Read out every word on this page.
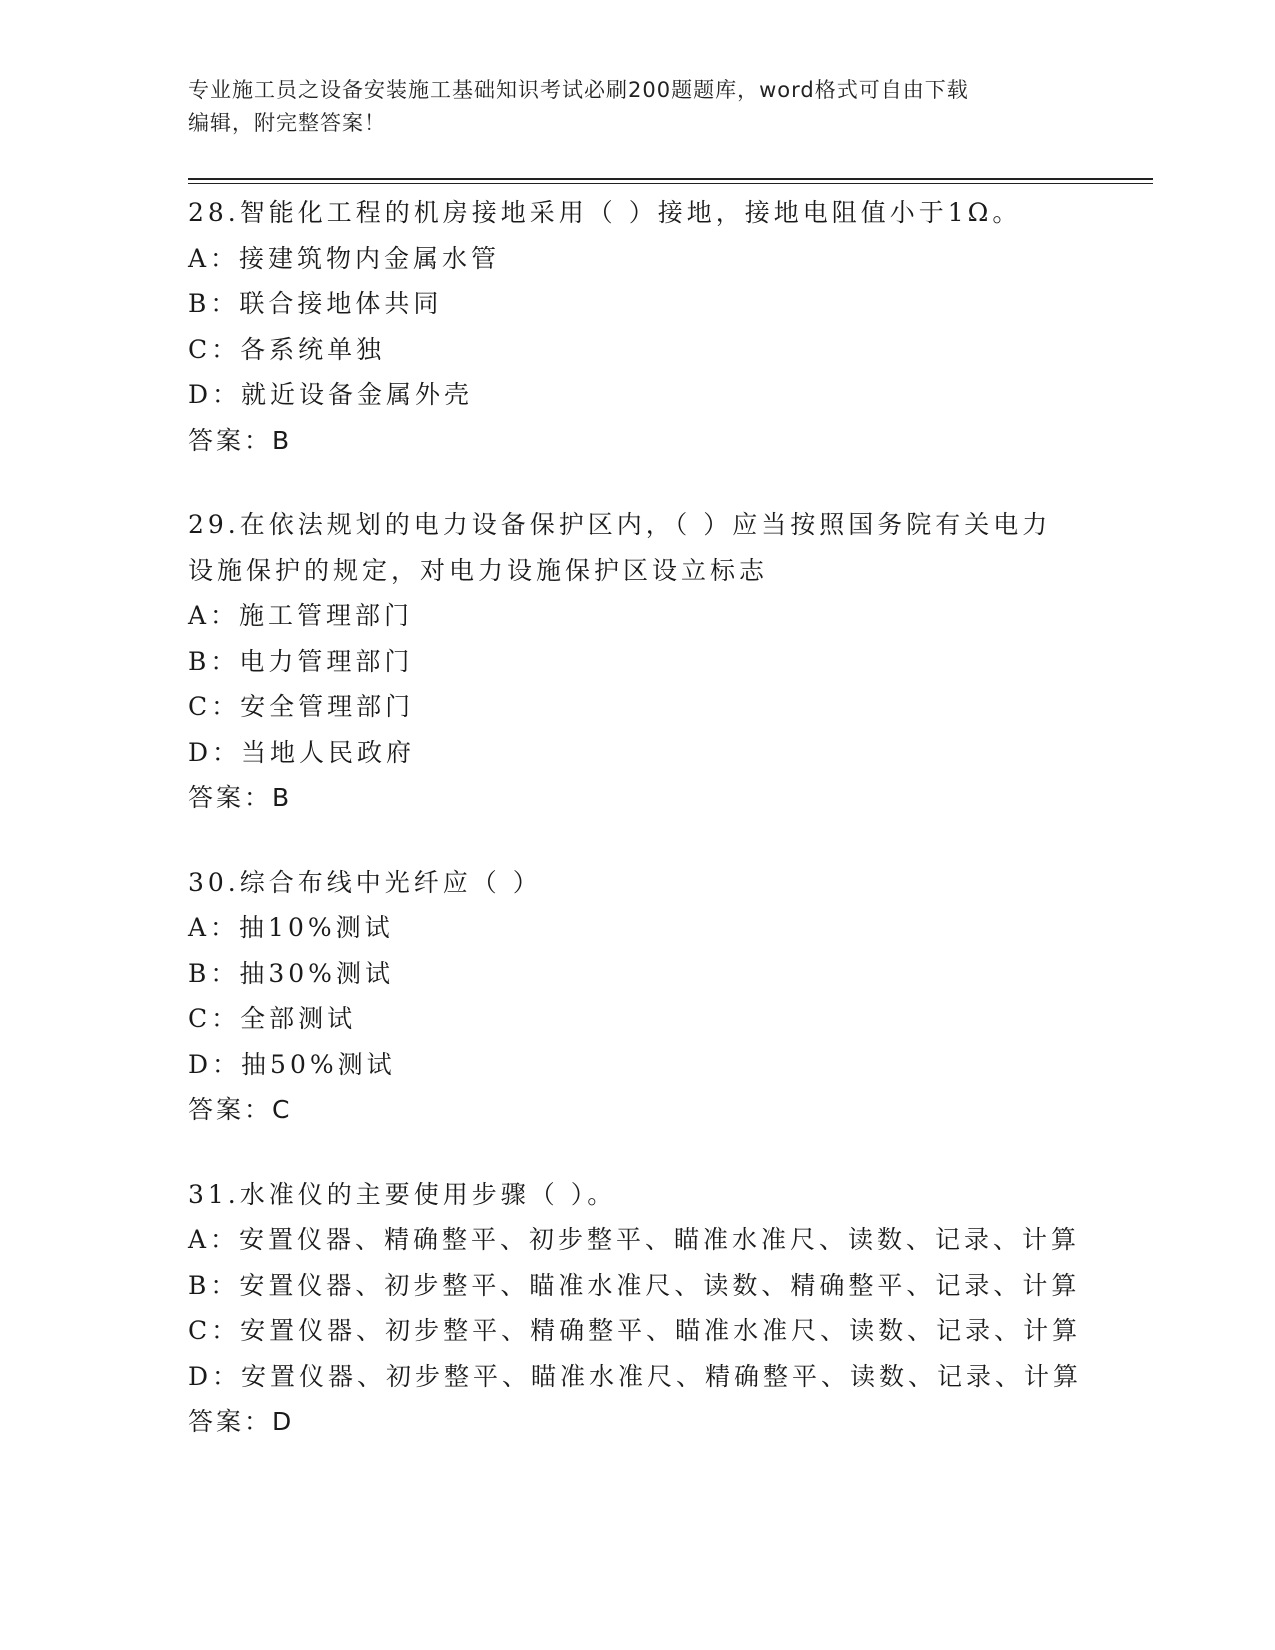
专业施工员之设备安装施工基础知识考试必刷200题题库，word格式可自由下载
编辑，附完整答案！
28.智能化工程的机房接地采用（ ）接地，接地电阻值小于1Ω。
A：接建筑物内金属水管
B：联合接地体共同
C：各系统单独
D：就近设备金属外壳
答案：B
29.在依法规划的电力设备保护区内，（ ）应当按照国务院有关电力
设施保护的规定，对电力设施保护区设立标志
A：施工管理部门
B：电力管理部门
C：安全管理部门
D：当地人民政府
答案：B
30.综合布线中光纤应（ ）
A：抽10%测试
B：抽30%测试
C：全部测试
D：抽50%测试
答案：C
31.水准仪的主要使用步骤（ ）。
A：安置仪器、精确整平、初步整平、瞄准水准尺、读数、记录、计算
B：安置仪器、初步整平、瞄准水准尺、读数、精确整平、记录、计算
C：安置仪器、初步整平、精确整平、瞄准水准尺、读数、记录、计算
D：安置仪器、初步整平、瞄准水准尺、精确整平、读数、记录、计算
答案：D
